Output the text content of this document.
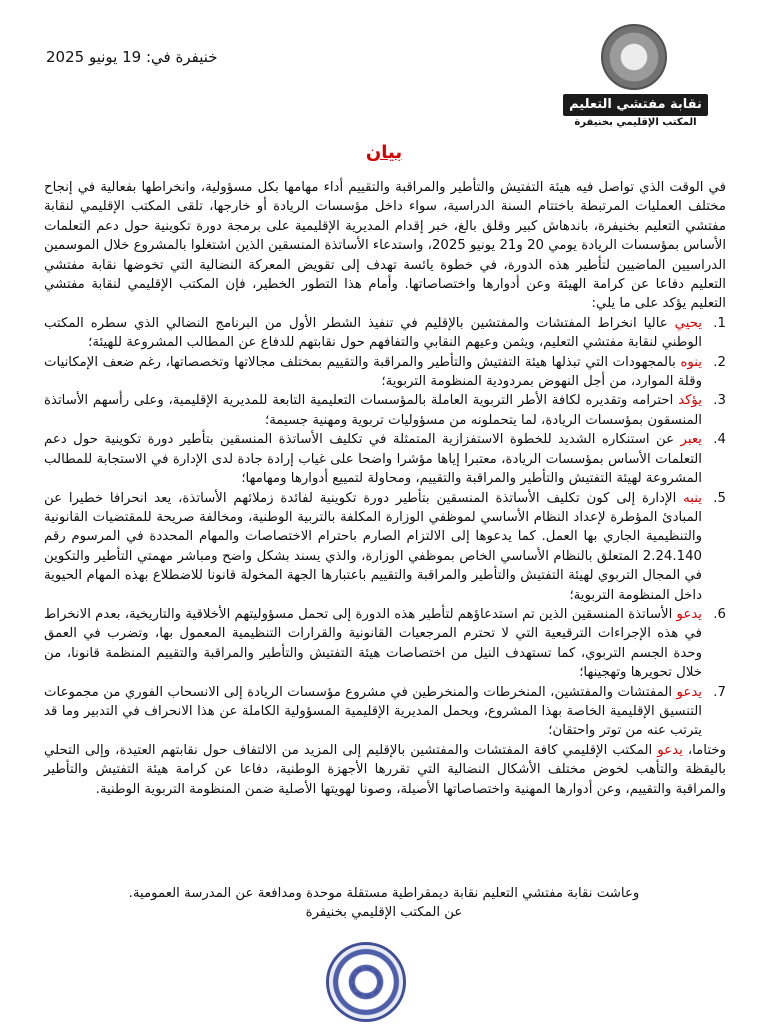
خنيفرة في: 19 يونيو 2025
نقابة مفتشي التعليم
المكتب الإقليمي بخنيفرة
بيان

في الوقت الذي تواصل فيه هيئة التفتيش والتأطير والمراقبة والتقييم أداء مهامها بكل مسؤولية، وانخراطها بفعالية في إنجاح مختلف العمليات المرتبطة باختتام السنة الدراسية، سواء داخل مؤسسات الريادة أو خارجها، تلقى المكتب الإقليمي لنقابة مفتشي التعليم بخنيفرة، باندهاش كبير وقلق بالغ، خبر إقدام المديرية الإقليمية على برمجة دورة تكوينية حول دعم التعلمات الأساس بمؤسسات الريادة يومي 20 و21 يونيو 2025، واستدعاء الأساتذة المنسقين الذين اشتغلوا بالمشروع خلال الموسمين الدراسيين الماضيين لتأطير هذه الدورة، في خطوة يائسة تهدف إلى تقويض المعركة النضالية التي تخوضها نقابة مفتشي التعليم دفاعا عن كرامة الهيئة وعن أدوارها واختصاصاتها. وأمام هذا التطور الخطير، فإن المكتب الإقليمي لنقابة مفتشي التعليم يؤكد على ما يلي:

1.
يحيي عاليا انخراط المفتشات والمفتشين بالإقليم في تنفيذ الشطر الأول من البرنامج النضالي الذي سطره المكتب الوطني لنقابة مفتشي التعليم، ويثمن وعيهم النقابي والتفافهم حول نقابتهم للدفاع عن المطالب المشروعة للهيئة؛
2.
ينوه بالمجهودات التي تبذلها هيئة التفتيش والتأطير والمراقبة والتقييم بمختلف مجالاتها وتخصصاتها، رغم ضعف الإمكانيات وقلة الموارد، من أجل النهوض بمردودية المنظومة التربوية؛
3.
يؤكد احترامه وتقديره لكافة الأطر التربوية العاملة بالمؤسسات التعليمية التابعة للمديرية الإقليمية، وعلى رأسهم الأساتذة المنسقون بمؤسسات الريادة، لما يتحملونه من مسؤوليات تربوية ومهنية جسيمة؛
4.
يعبر عن استنكاره الشديد للخطوة الاستفزازية المتمثلة في تكليف الأساتذة المنسقين بتأطير دورة تكوينية حول دعم التعلمات الأساس بمؤسسات الريادة، معتبرا إياها مؤشرا واضحا على غياب إرادة جادة لدى الإدارة في الاستجابة للمطالب المشروعة لهيئة التفتيش والتأطير والمراقبة والتقييم، ومحاولة لتمييع أدوارها ومهامها؛
5.
ينبه الإدارة إلى كون تكليف الأساتذة المنسقين بتأطير دورة تكوينية لفائدة زملائهم الأساتذة، يعد انحرافا خطيرا عن المبادئ المؤطرة لإعداد النظام الأساسي لموظفي الوزارة المكلفة بالتربية الوطنية، ومخالفة صريحة للمقتضيات القانونية والتنظيمية الجاري بها العمل. كما يدعوها إلى الالتزام الصارم باحترام الاختصاصات والمهام المحددة في المرسوم رقم 2.24.140 المتعلق بالنظام الأساسي الخاص بموظفي الوزارة، والذي يسند بشكل واضح ومباشر مهمتي التأطير والتكوين في المجال التربوي لهيئة التفتيش والتأطير والمراقبة والتقييم باعتبارها الجهة المخولة قانونا للاضطلاع بهذه المهام الحيوية داخل المنظومة التربوية؛
6.
يدعو الأساتذة المنسقين الذين تم استدعاؤهم لتأطير هذه الدورة إلى تحمل مسؤوليتهم الأخلاقية والتاريخية، بعدم الانخراط في هذه الإجراءات الترقيعية التي لا تحترم المرجعيات القانونية والقرارات التنظيمية المعمول بها، وتضرب في العمق وحدة الجسم التربوي، كما تستهدف النيل من اختصاصات هيئة التفتيش والتأطير والمراقبة والتقييم المنظمة قانونا، من خلال تحويرها وتهجينها؛
7.
يدعو المفتشات والمفتشين، المنخرطات والمنخرطين في مشروع مؤسسات الريادة إلى الانسحاب الفوري من مجموعات التنسيق الإقليمية الخاصة بهذا المشروع، ويحمل المديرية الإقليمية المسؤولية الكاملة عن هذا الانحراف في التدبير وما قد يترتب عنه من توتر واحتقان؛

وختاما، يدعو المكتب الإقليمي كافة المفتشات والمفتشين بالإقليم إلى المزيد من الالتفاف حول نقابتهم العتيدة، وإلى التحلي باليقظة والتأهب لخوض مختلف الأشكال النضالية التي تقررها الأجهزة الوطنية، دفاعا عن كرامة هيئة التفتيش والتأطير والمراقبة والتقييم، وعن أدوارها المهنية واختصاصاتها الأصيلة، وصونا لهويتها الأصلية ضمن المنظومة التربوية الوطنية.

وعاشت نقابة مفتشي التعليم نقابة ديمقراطية مستقلة موحدة ومدافعة عن المدرسة العمومية.
عن المكتب الإقليمي بخنيفرة
